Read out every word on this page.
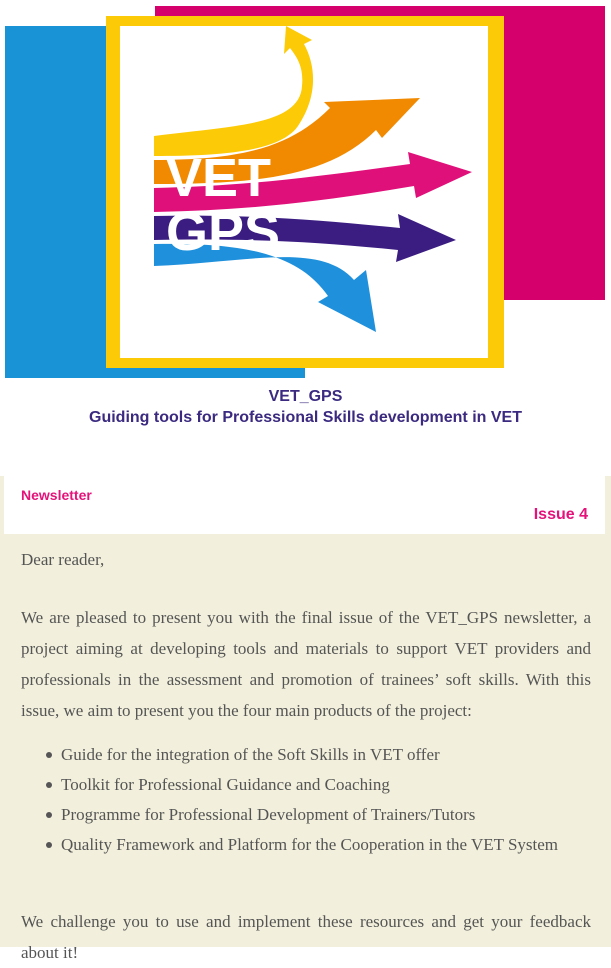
VET
GPS
VET_GPS
Guiding tools for Professional Skills development in VET
Newsletter
Issue 4

Dear reader,

We are pleased to present you with the final issue of the VET_GPS newsletter, a project aiming at developing tools and materials to support VET providers and professionals in the assessment and promotion of trainees’ soft skills. With this issue, we aim to present you the four main products of the project:

Guide for the integration of the Soft Skills in VET offer
Toolkit for Professional Guidance and Coaching
Programme for Professional Development of Trainers/Tutors
Quality Framework and Platform for the Cooperation in the VET System

We challenge you to use and implement these resources and get your feedback about it!
